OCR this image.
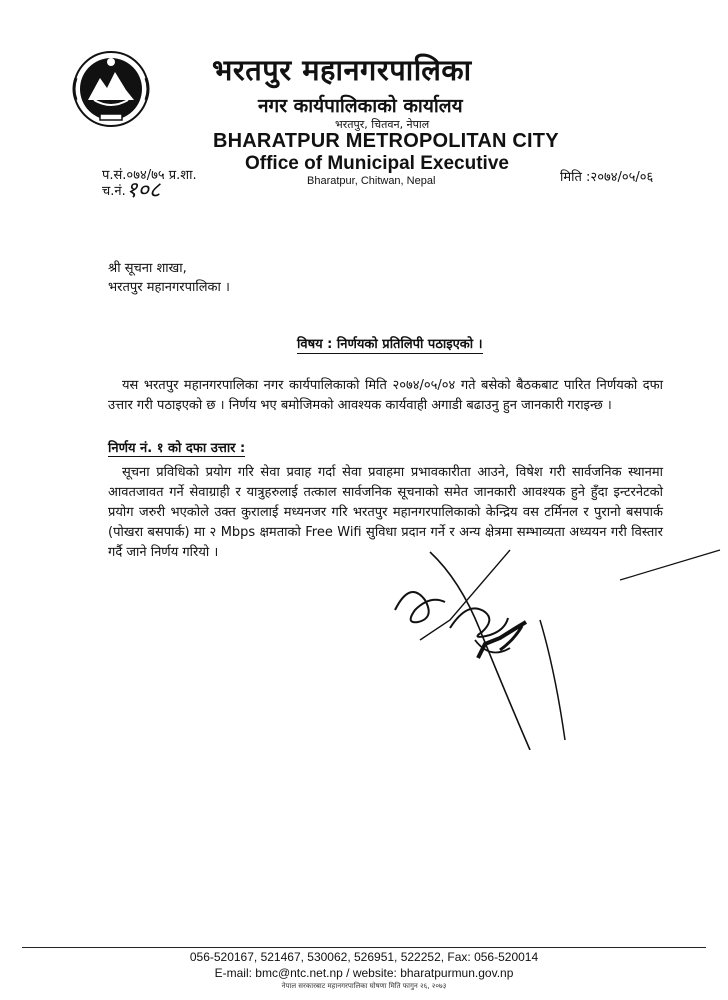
भरतपुर महानगरपालिका
नगर कार्यपालिकाको कार्यालय
भरतपुर, चितवन, नेपाल
BHARATPUR METROPOLITAN CITY
Office of Municipal Executive
Bharatpur, Chitwan, Nepal
प.सं.०७४/७५ प्र.शा.
च.नं. १०८
मिति :२०७४/०५/०६
श्री सूचना शाखा,
भरतपुर महानगरपालिका ।
विषय : निर्णयको प्रतिलिपी पठाइएको ।
यस भरतपुर महानगरपालिका नगर कार्यपालिकाको मिति २०७४/०५/०४ गते बसेको बैठकबाट पारित निर्णयको दफा उत्तार गरी पठाइएको छ । निर्णय भए बमोजिमको आवश्यक कार्यवाही अगाडी बढाउनु हुन जानकारी गराइन्छ ।
निर्णय नं. १ को दफा उत्तार :
सूचना प्रविधिको प्रयोग गरि सेवा प्रवाह गर्दा सेवा प्रवाहमा प्रभावकारीता आउने, विषेश गरी सार्वजनिक स्थानमा आवतजावत गर्ने सेवाग्राही र यात्रुहरुलाई तत्काल सार्वजनिक सूचनाको समेत जानकारी आवश्यक हुने हुँदा इन्टरनेटको प्रयोग जरुरी भएकोले उक्त कुरालाई मध्यनजर गरि भरतपुर महानगरपालिकाको केन्द्रिय वस टर्मिनल र पुरानो बसपार्क (पोखरा बसपार्क) मा २ Mbps क्षमताको Free Wifi सुविधा प्रदान गर्ने र अन्य क्षेत्रमा सम्भाव्यता अध्ययन गरी विस्तार गर्दै जाने निर्णय गरियो ।
056-520167, 521467, 530062, 526951, 522252, Fax: 056-520014
E-mail: bmc@ntc.net.np / website: bharatpurmun.gov.np
नेपाल सरकारबाट महानगरपालिका घोषणा मिति फागुन २६, २०७३
